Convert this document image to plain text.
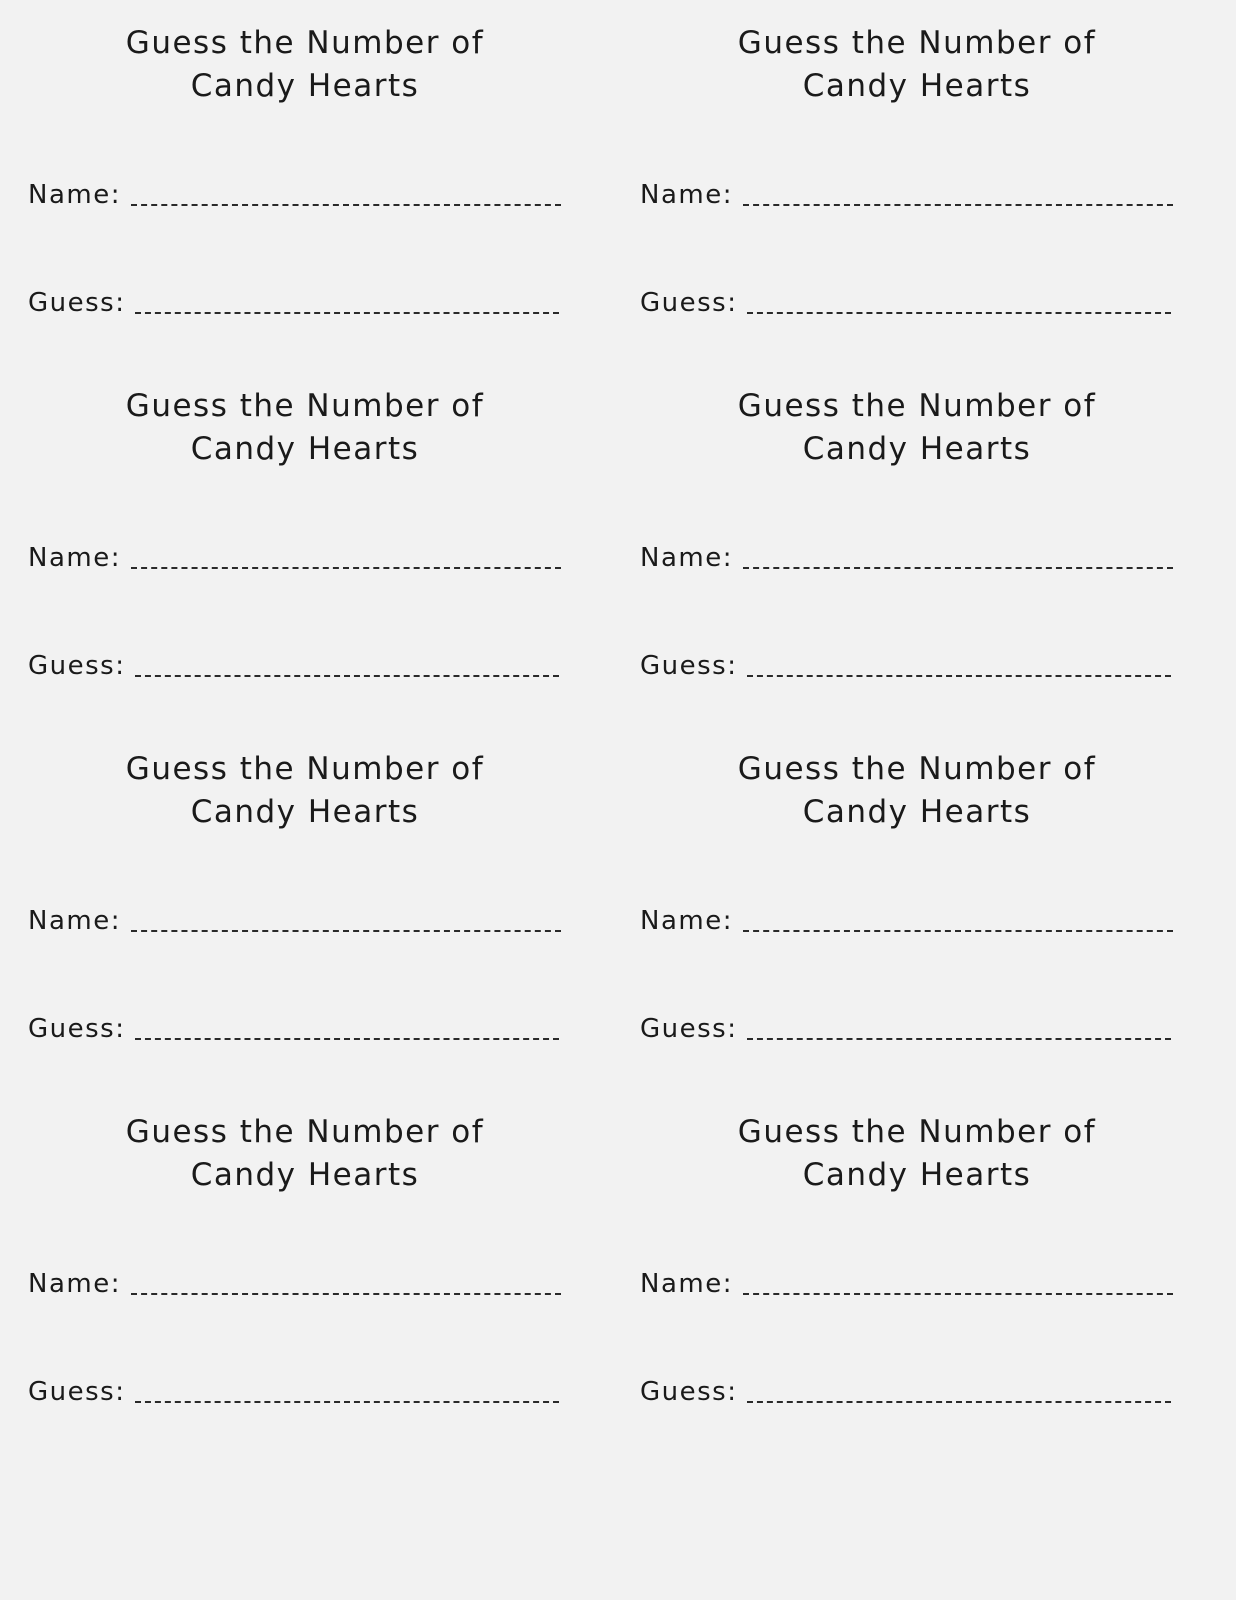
Guess the Number of
Candy Hearts
Name:
Guess:
Guess the Number of
Candy Hearts
Name:
Guess:
Guess the Number of
Candy Hearts
Name:
Guess:
Guess the Number of
Candy Hearts
Name:
Guess:
Guess the Number of
Candy Hearts
Name:
Guess:
Guess the Number of
Candy Hearts
Name:
Guess:
Guess the Number of
Candy Hearts
Name:
Guess:
Guess the Number of
Candy Hearts
Name:
Guess:
